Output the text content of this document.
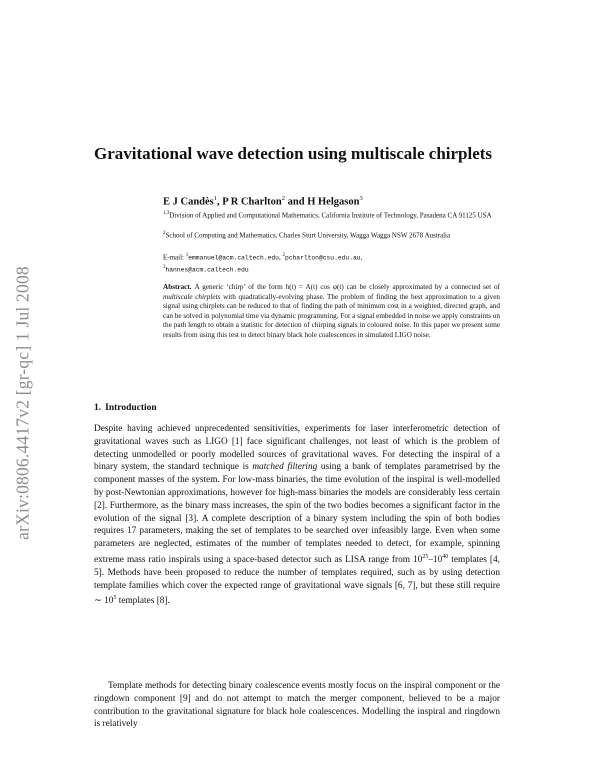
arXiv:0806.4417v2 [gr-qc] 1 Jul 2008
Gravitational wave detection using multiscale chirplets
E J Candès$^1$, P R Charlton$^2$ and H Helgason$^3$
$^{1,3}$Division of Applied and Computational Mathematics, California Institute of Technology, Pasadena CA 91125 USA
$^2$School of Computing and Mathematics, Charles Sturt University, Wagga Wagga NSW 2678 Australia
E-mail: $^1$emmanuel@acm.caltech.edu, $^2$pcharlton@csu.edu.au,
$^3$hannes@acm.caltech.edu

Abstract. A generic ‘chirp’ of the form h(t) = A(t) cos φ(t) can be closely approximated by a connected set of multiscale chirplets with quadratically-evolving phase. The problem of finding the best approximation to a given signal using chirplets can be reduced to that of finding the path of minimum cost in a weighted, directed graph, and can be solved in polynomial time via dynamic programming. For a signal embedded in noise we apply constraints on the path length to obtain a statistic for detection of chirping signals in coloured noise. In this paper we present some results from using this test to detect binary black hole coalescences in simulated LIGO noise.

1. Introduction

Despite having achieved unprecedented sensitivities, experiments for laser interferometric detection of gravitational waves such as LIGO [1] face significant challenges, not least of which is the problem of detecting unmodelled or poorly modelled sources of gravitational waves. For detecting the inspiral of a binary system, the standard technique is matched filtering using a bank of templates parametrised by the component masses of the system. For low-mass binaries, the time evolution of the inspiral is well-modelled by post-Newtonian approximations, however for high-mass binaries the models are considerably less certain [2]. Furthermore, as the binary mass increases, the spin of the two bodies becomes a significant factor in the evolution of the signal [3]. A complete description of a binary system including the spin of both bodies requires 17 parameters, making the set of templates to be searched over infeasibly large. Even when some parameters are neglected, estimates of the number of templates needed to detect, for example, spinning extreme mass ratio inspirals using a space-based detector such as LISA range from $10^{25}-10^{40}$ templates [4, 5]. Methods have been proposed to reduce the number of templates required, such as by using detection template families which cover the expected range of gravitational wave signals [6, 7], but these still require ∼ $10^5$ templates [8].

Template methods for detecting binary coalescence events mostly focus on the inspiral component or the ringdown component [9] and do not attempt to match the merger component, believed to be a major contribution to the gravitational signature for black hole coalescences. Modelling the inspiral and ringdown is relatively
